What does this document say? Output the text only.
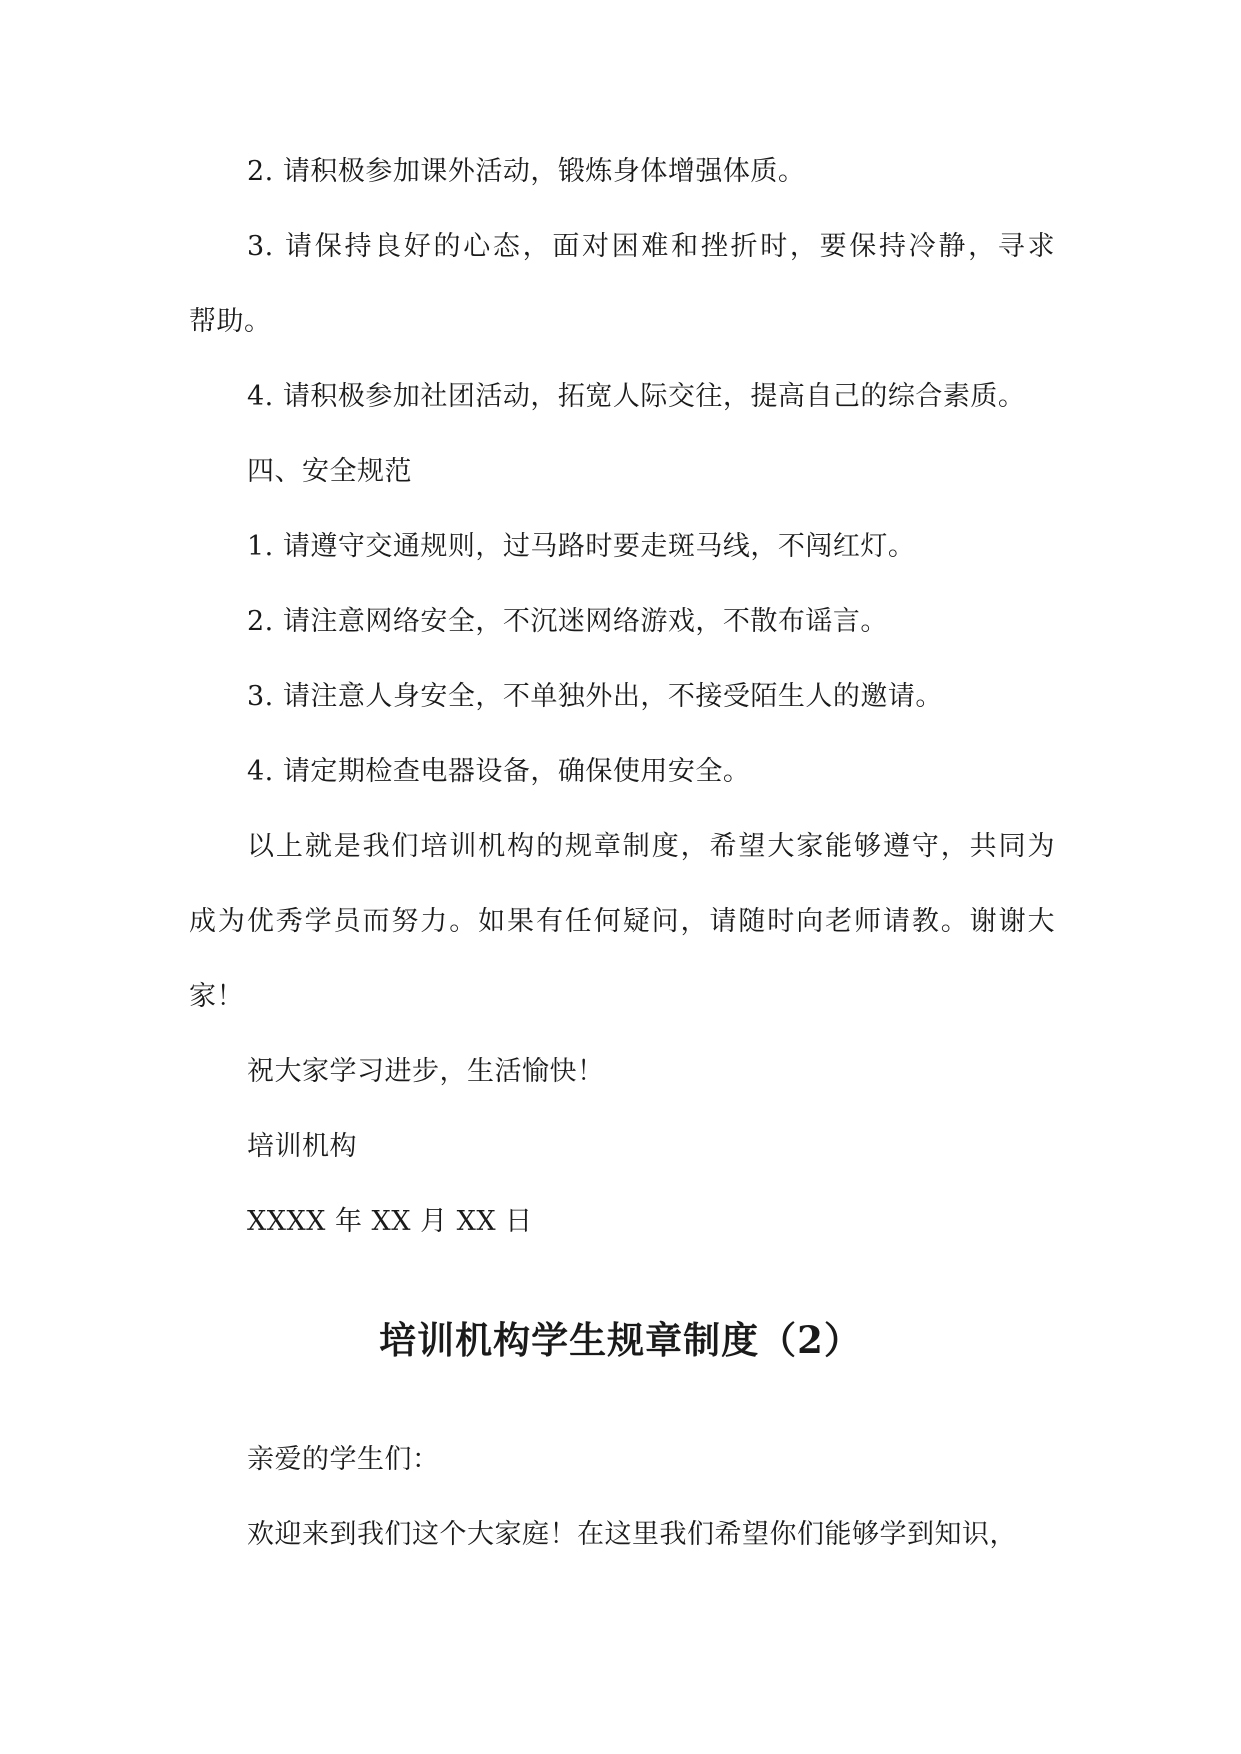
2. 请积极参加课外活动，锻炼身体增强体质。
3. 请保持良好的心态，面对困难和挫折时，要保持冷静，寻求
帮助。
4. 请积极参加社团活动，拓宽人际交往，提高自己的综合素质。
四、安全规范
1. 请遵守交通规则，过马路时要走斑马线，不闯红灯。
2. 请注意网络安全，不沉迷网络游戏，不散布谣言。
3. 请注意人身安全，不单独外出，不接受陌生人的邀请。
4. 请定期检查电器设备，确保使用安全。
以上就是我们培训机构的规章制度，希望大家能够遵守，共同为
成为优秀学员而努力。如果有任何疑问，请随时向老师请教。谢谢大
家！
祝大家学习进步，生活愉快！
培训机构
XXXX 年 XX 月 XX 日
培训机构学生规章制度（2）
亲爱的学生们：
欢迎来到我们这个大家庭！在这里我们希望你们能够学到知识，
